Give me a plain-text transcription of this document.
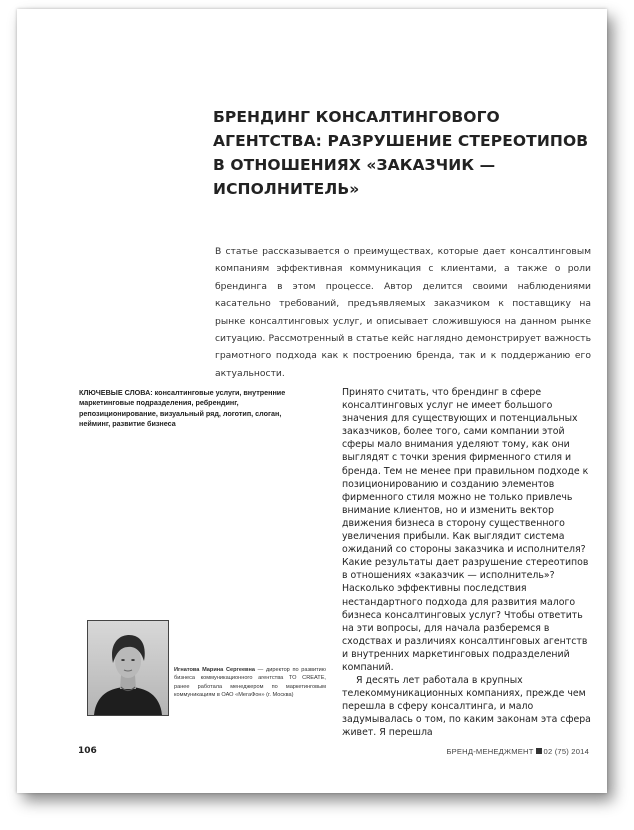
БРЕНДИНГ КОНСАЛТИНГОВОГО АГЕНТСТВА: РАЗРУШЕНИЕ СТЕРЕОТИПОВ В ОТНОШЕНИЯХ «ЗАКАЗЧИК — ИСПОЛНИТЕЛЬ»
В статье рассказывается о преимуществах, которые дает консалтинговым компаниям эффективная коммуникация с клиентами, а также о роли брендинга в этом процессе. Автор делится своими наблюдениями касательно требований, предъявляемых заказчиком к поставщику на рынке консалтинговых услуг, и описывает сложившуюся на данном рынке ситуацию. Рассмотренный в статье кейс наглядно демонстрирует важность грамотного подхода как к построению бренда, так и к поддержанию его актуальности.
КЛЮЧЕВЫЕ СЛОВА: консалтинговые услуги, внутренние маркетинговые подразделения, ребрендинг, репозиционирование, визуальный ряд, логотип, слоган, нейминг, развитие бизнеса

Принято считать, что брендинг в сфере консалтинговых услуг не имеет большого значения для существующих и потенциальных заказчиков, более того, сами компании этой сферы мало внимания уделяют тому, как они выглядят с точки зрения фирменного стиля и бренда. Тем не менее при правильном подходе к позиционированию и созданию элементов фирменного стиля можно не только привлечь внимание клиентов, но и изменить вектор движения бизнеса в сторону существенного увеличения прибыли. Как выглядит система ожиданий со стороны заказчика и исполнителя? Какие результаты дает разрушение стереотипов в отношениях «заказчик — исполнитель»? Насколько эффективны последствия нестандартного подхода для развития малого бизнеса консалтинговых услуг? Чтобы ответить на эти вопросы, для начала разберемся в сходствах и различиях консалтинговых агентств и внутренних маркетинговых подразделений компаний.

Я десять лет работала в крупных телекоммуникационных компаниях, прежде чем перешла в сферу консалтинга, и мало задумывалась о том, по каким законам эта сфера живет. Я перешла

Игнатова Марина Сергеевна — директор по развитию бизнеса коммуникационного агентства TO CREATE, ранее работала менеджером по маркетинговым коммуникациям в ОАО «МегаФон» (г. Москва)
106	БРЕНД-МЕНЕДЖМЕНТ 02 (75) 2014
